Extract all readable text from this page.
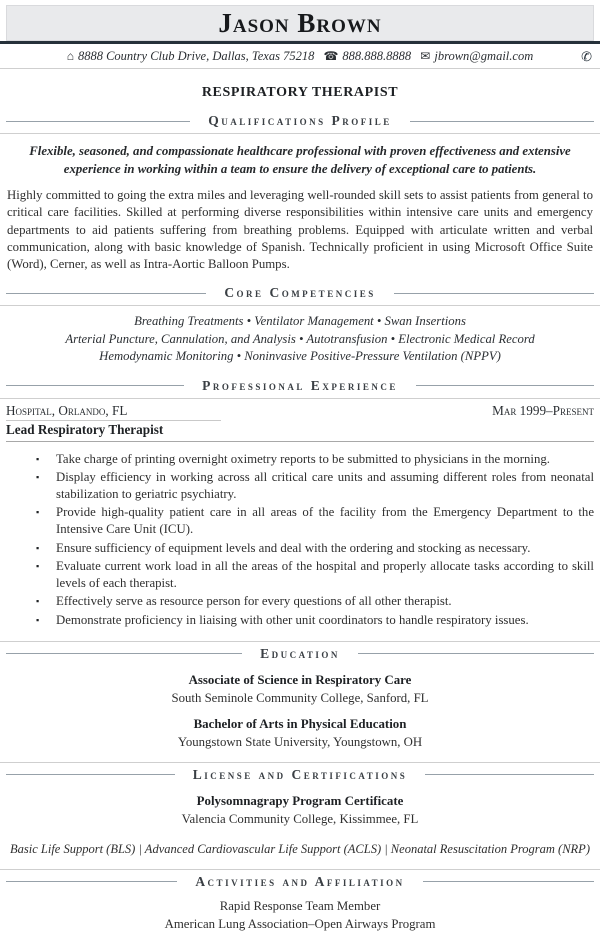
Jason Brown
⌂ 8888 Country Club Drive, Dallas, Texas 75218 ☎ 888.888.8888 ✉ jbrown@gmail.com	✆
RESPIRATORY THERAPIST
Qualifications Profile
Flexible, seasoned, and compassionate healthcare professional with proven effectiveness and extensive experience in working within a team to ensure the delivery of exceptional care to patients.
Highly committed to going the extra miles and leveraging well-rounded skill sets to assist patients from general to critical care facilities. Skilled at performing diverse responsibilities within intensive care units and emergency departments to aid patients suffering from breathing problems. Equipped with articulate written and verbal communication, along with basic knowledge of Spanish. Technically proficient in using Microsoft Office Suite (Word), Cerner, as well as Intra-Aortic Balloon Pumps.
Core Competencies
Breathing Treatments • Ventilator Management • Swan Insertions
Arterial Puncture, Cannulation, and Analysis • Autotransfusion • Electronic Medical Record
Hemodynamic Monitoring • Noninvasive Positive-Pressure Ventilation (NPPV)
Professional Experience
Hospital, Orlando, FL	Mar 1999–Present
Lead Respiratory Therapist
▪	Take charge of printing overnight oximetry reports to be submitted to physicians in the morning.
▪	Display efficiency in working across all critical care units and assuming different roles from neonatal stabilization to geriatric psychiatry.
▪	Provide high-quality patient care in all areas of the facility from the Emergency Department to the Intensive Care Unit (ICU).
▪	Ensure sufficiency of equipment levels and deal with the ordering and stocking as necessary.
▪	Evaluate current work load in all the areas of the hospital and properly allocate tasks according to skill levels of each therapist.
▪	Effectively serve as resource person for every questions of all other therapist.
▪	Demonstrate proficiency in liaising with other unit coordinators to handle respiratory issues.
Education
Associate of Science in Respiratory Care
South Seminole Community College, Sanford, FL
Bachelor of Arts in Physical Education
Youngstown State University, Youngstown, OH
License and Certifications
Polysomnagrapy Program Certificate
Valencia Community College, Kissimmee, FL
Basic Life Support (BLS) | Advanced Cardiovascular Life Support (ACLS) | Neonatal Resuscitation Program (NRP)
Activities and Affiliation
Rapid Response Team Member
American Lung Association–Open Airways Program
